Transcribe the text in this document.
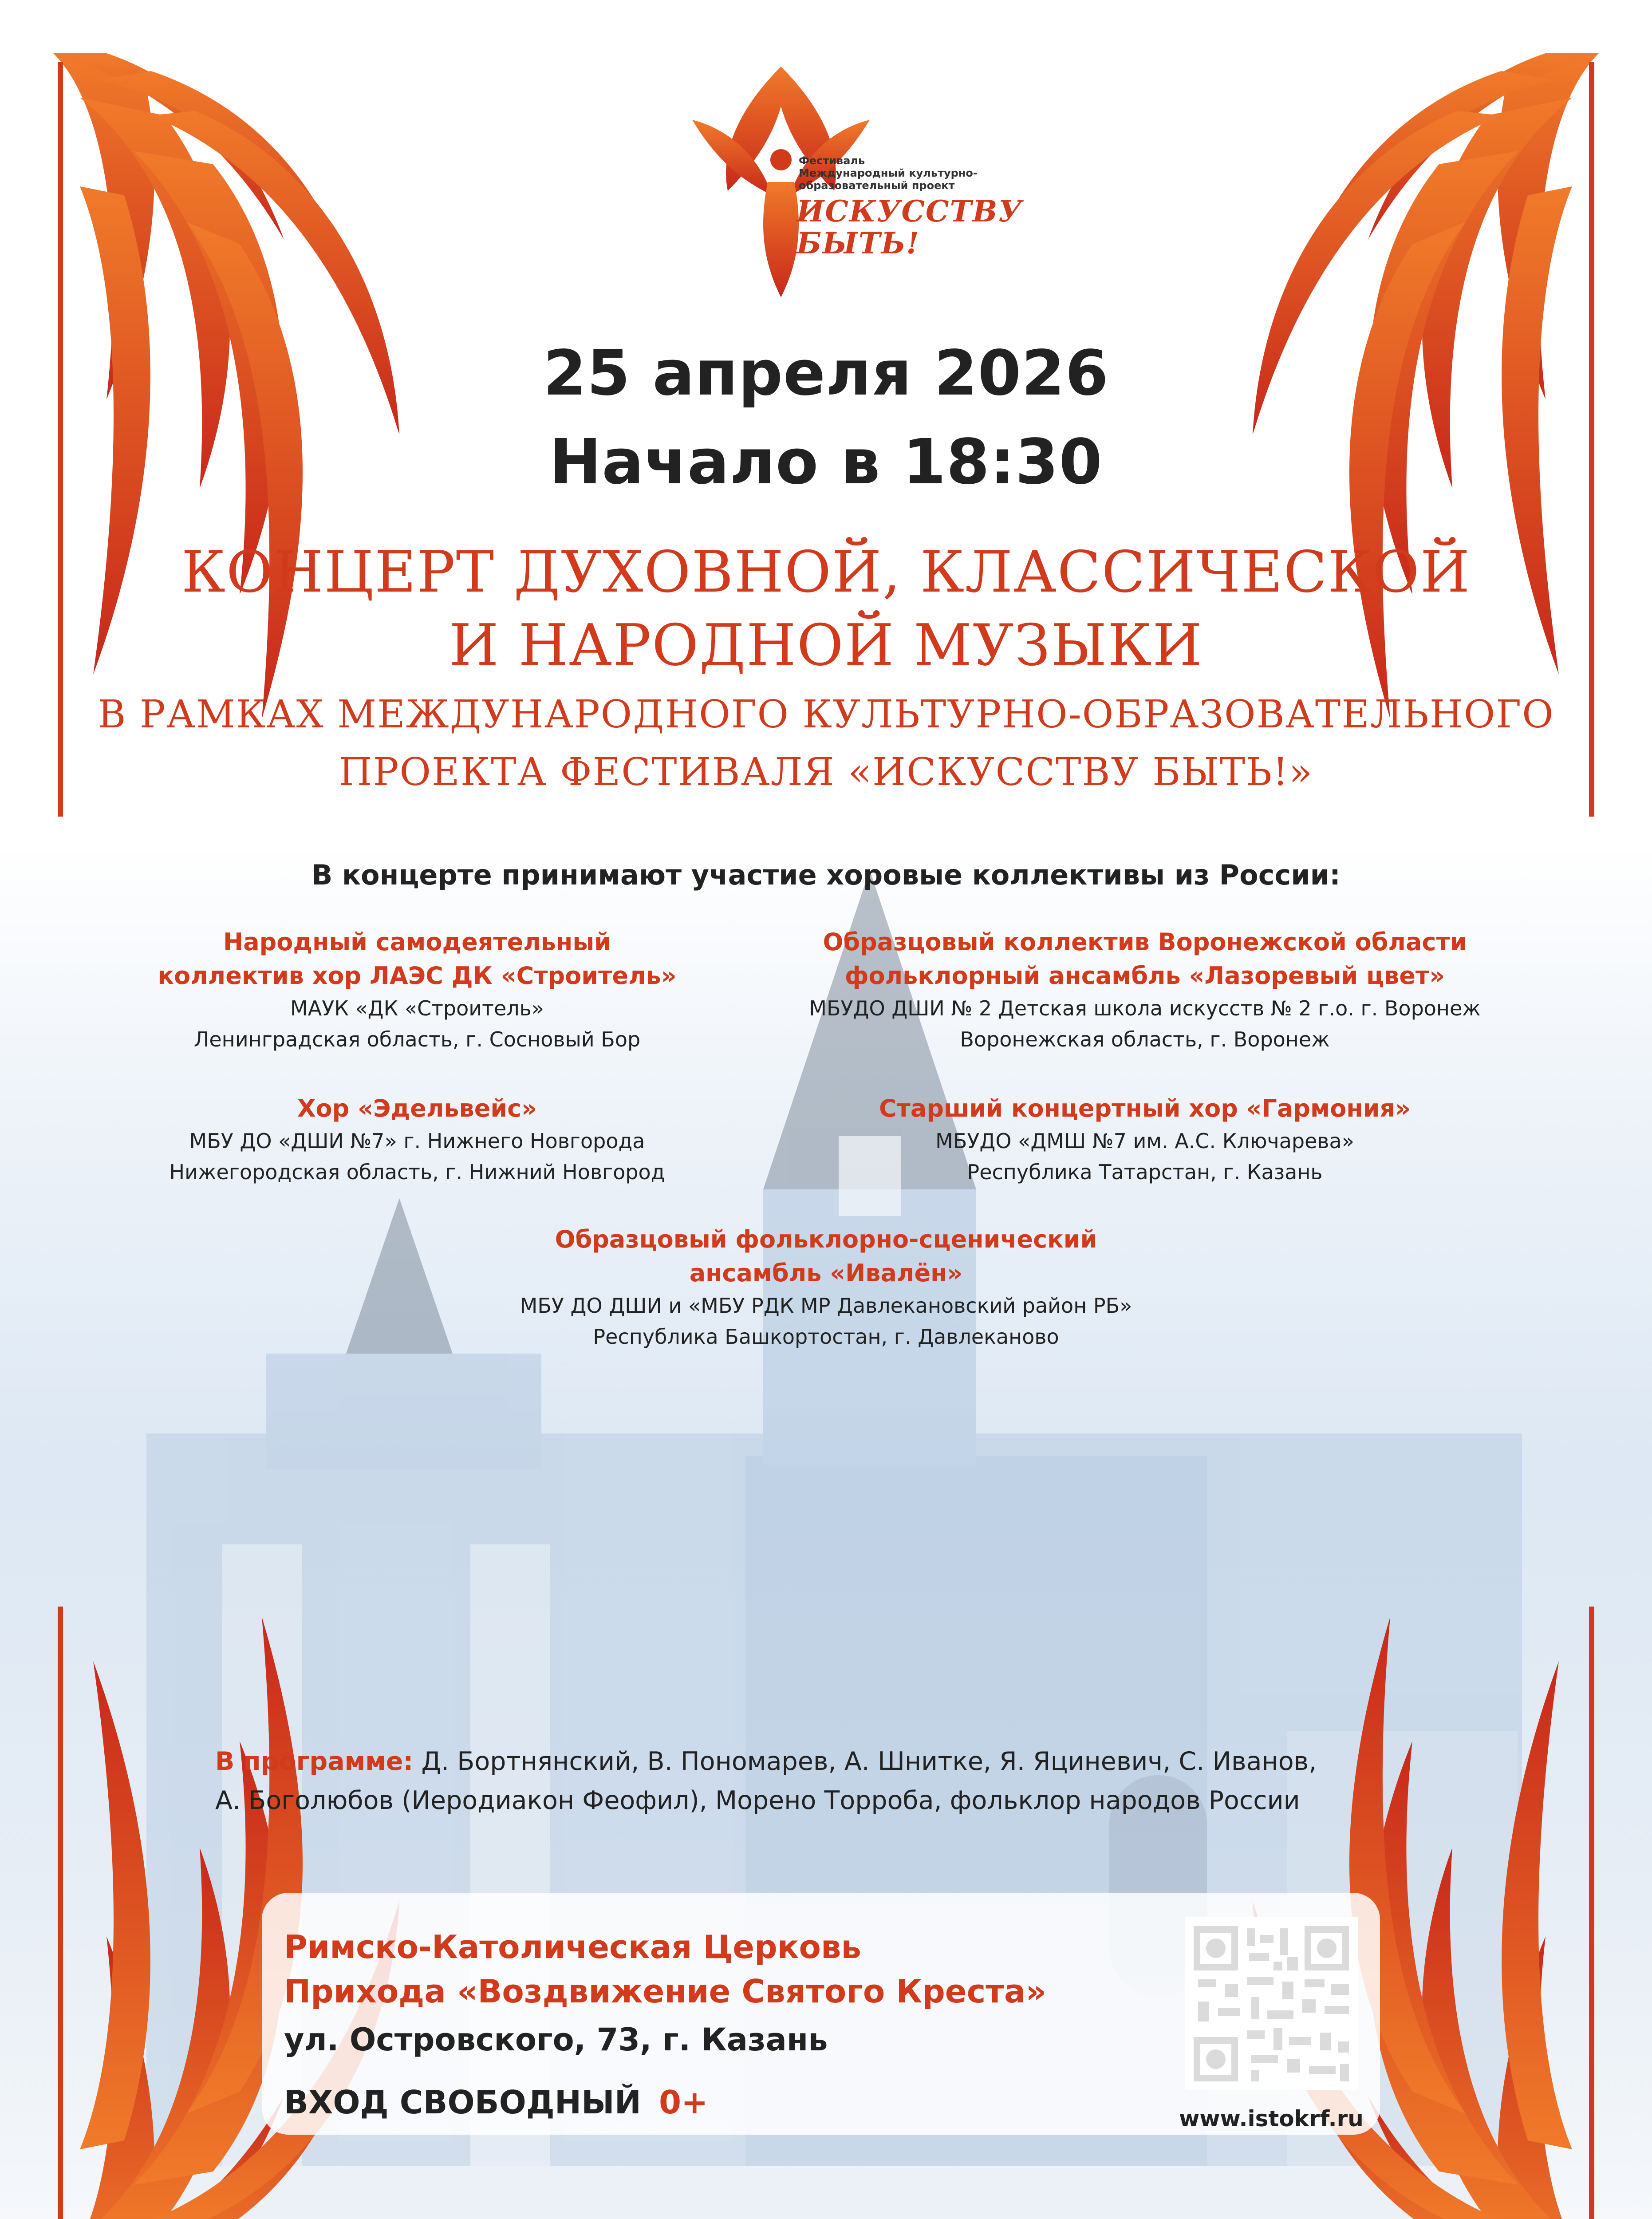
Фестиваль
Международный культурно-
образовательный проект
ИСКУССТВУ
БЫТЬ!
25 апреля 2026
Начало в 18:30
КОНЦЕРТ ДУХОВНОЙ, КЛАССИЧЕСКОЙ
И НАРОДНОЙ МУЗЫКИ
В РАМКАХ МЕЖДУНАРОДНОГО КУЛЬТУРНО-ОБРАЗОВАТЕЛЬНОГО
ПРОЕКТА ФЕСТИВАЛЯ «ИСКУССТВУ БЫТЬ!»
В концерте принимают участие хоровые коллективы из России:
Народный самодеятельный
коллектив хор ЛАЭС ДК «Строитель»
МАУК «ДК «Строитель»
Ленинградская область, г. Сосновый Бор
Образцовый коллектив Воронежской области
фольклорный ансамбль «Лазоревый цвет»
МБУДО ДШИ № 2 Детская школа искусств № 2 г.о. г. Воронеж
Воронежская область, г. Воронеж
Хор «Эдельвейс»
МБУ ДО «ДШИ №7» г. Нижнего Новгорода
Нижегородская область, г. Нижний Новгород
Старший концертный хор «Гармония»
МБУДО «ДМШ №7 им. А.С. Ключарева»
Республика Татарстан, г. Казань
Образцовый фольклорно-сценический
ансамбль «Ивалён»
МБУ ДО ДШИ и «МБУ РДК МР Давлекановский район РБ»
Республика Башкортостан, г. Давлеканово
В программе: Д. Бортнянский, В. Пономарев, А. Шнитке, Я. Яциневич, С. Иванов,
А. Боголюбов (Иеродиакон Феофил), Морено Торроба, фольклор народов России
Римско-Католическая Церковь
Прихода «Воздвижение Святого Креста»
ул. Островского, 73, г. Казань
ВХОД СВОБОДНЫЙ 0+	www.istokrf.ru
